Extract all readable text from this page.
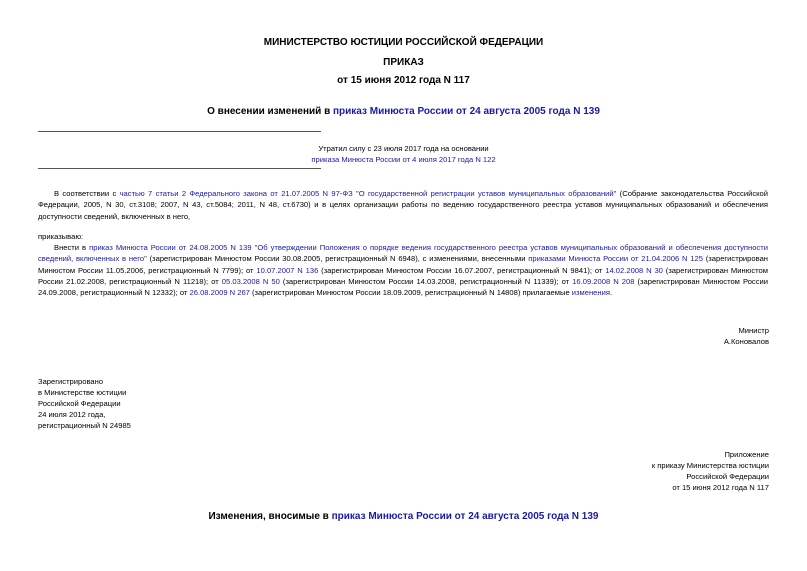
МИНИСТЕРСТВО ЮСТИЦИИ РОССИЙСКОЙ ФЕДЕРАЦИИ
ПРИКАЗ
от 15 июня 2012 года N 117
О внесении изменений в приказ Минюста России от 24 августа 2005 года N 139
Утратил силу с 23 июля 2017 года на основании
приказа Минюста России от 4 июля 2017 года N 122
В соответствии с частью 7 статьи 2 Федерального закона от 21.07.2005 N 97-ФЗ "О государственной регистрации уставов муниципальных образований" (Собрание законодательства Российской Федерации, 2005, N 30, ст.3108; 2007, N 43, ст.5084; 2011, N 48, ст.6730) и в целях организации работы по ведению государственного реестра уставов муниципальных образований и обеспечения доступности сведений, включенных в него,
приказываю:
Внести в приказ Минюста России от 24.08.2005 N 139 "Об утверждении Положения о порядке ведения государственного реестра уставов муниципальных образований и обеспечения доступности сведений, включенных в него" (зарегистрирован Минюстом России 30.08.2005, регистрационный N 6948), с изменениями, внесенными приказами Минюста России от 21.04.2006 N 125 (зарегистрирован Минюстом России 11.05.2006, регистрационный N 7799); от 10.07.2007 N 136 (зарегистрирован Минюстом России 16.07.2007, регистрационный N 9841); от 14.02.2008 N 30 (зарегистрирован Минюстом России 21.02.2008, регистрационный N 11218); от 05.03.2008 N 50 (зарегистрирован Минюстом России 14.03.2008, регистрационный N 11339); от 16.09.2008 N 208 (зарегистрирован Минюстом России 24.09.2008, регистрационный N 12332); от 26.08.2009 N 267 (зарегистрирован Минюстом России 18.09.2009, регистрационный N 14808) прилагаемые изменения.
Министр
А.Коновалов
Зарегистрировано
в Министерстве юстиции
Российской Федерации
24 июля 2012 года,
регистрационный N 24985
Приложение
к приказу Министерства юстиции
Российской Федерации
от 15 июня 2012 года N 117
Изменения, вносимые в приказ Минюста России от 24 августа 2005 года N 139
